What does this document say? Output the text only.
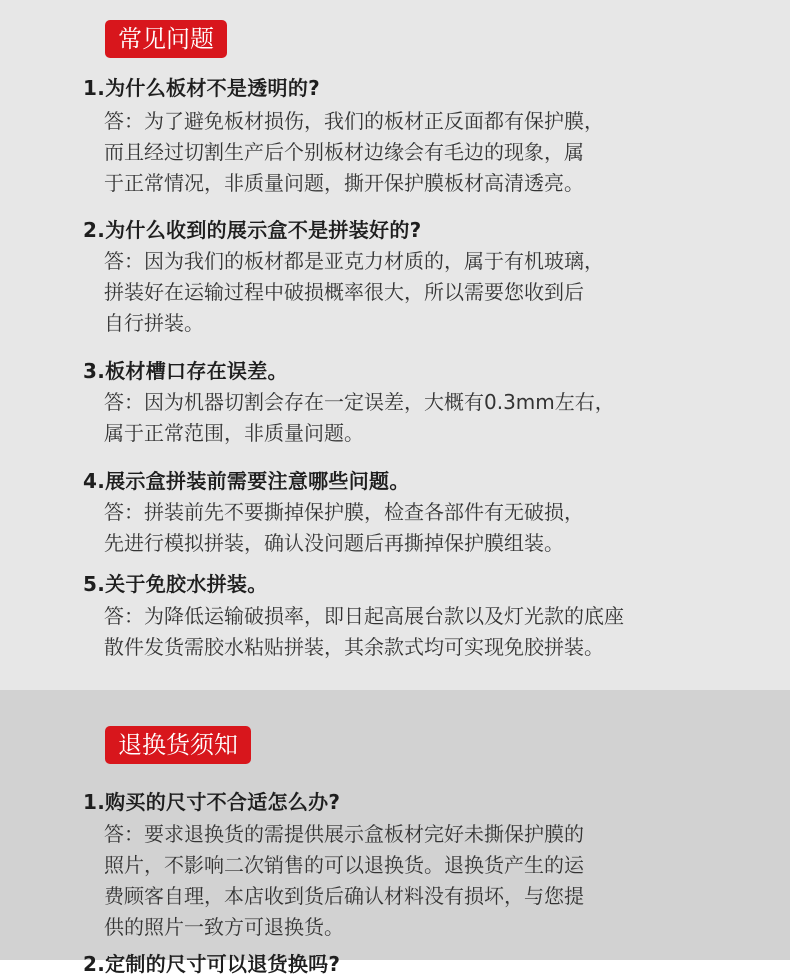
常见问题
1.为什么板材不是透明的?
答：为了避免板材损伤，我们的板材正反面都有保护膜，
而且经过切割生产后个别板材边缘会有毛边的现象，属
于正常情况，非质量问题，撕开保护膜板材高清透亮。
2.为什么收到的展示盒不是拼装好的?
答：因为我们的板材都是亚克力材质的，属于有机玻璃，
拼装好在运输过程中破损概率很大，所以需要您收到后
自行拼装。
3.板材槽口存在误差。
答：因为机器切割会存在一定误差，大概有0.3mm左右，
属于正常范围，非质量问题。
4.展示盒拼装前需要注意哪些问题。
答：拼装前先不要撕掉保护膜，检查各部件有无破损，
先进行模拟拼装，确认没问题后再撕掉保护膜组装。
5.关于免胶水拼装。
答：为降低运输破损率，即日起高展台款以及灯光款的底座
散件发货需胶水粘贴拼装，其余款式均可实现免胶拼装。
退换货须知
1.购买的尺寸不合适怎么办?
答：要求退换货的需提供展示盒板材完好未撕保护膜的
照片，不影响二次销售的可以退换货。退换货产生的运
费顾客自理，本店收到货后确认材料没有损坏，与您提
供的照片一致方可退换货。
2.定制的尺寸可以退货换吗?
